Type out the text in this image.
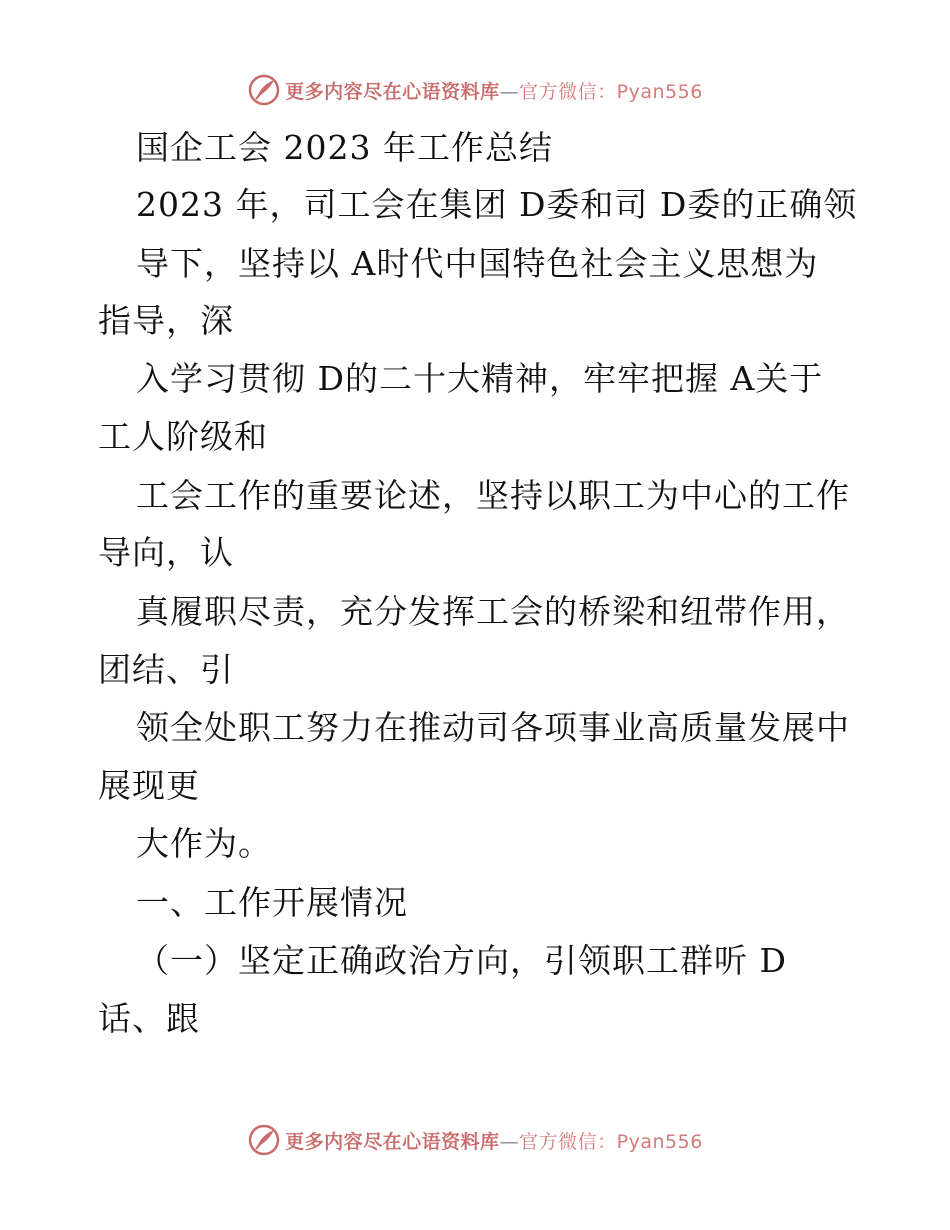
更多内容尽在心语资料库—官方微信：Pyan556
国企工会 2023 年工作总结
2023 年，司工会在集团 D委和司 D委的正确领
导下，坚持以 A时代中国特色社会主义思想为
指导，深
入学习贯彻 D的二十大精神，牢牢把握 A关于
工人阶级和
工会工作的重要论述，坚持以职工为中心的工作
导向，认
真履职尽责，充分发挥工会的桥梁和纽带作用，
团结、引
领全处职工努力在推动司各项事业高质量发展中
展现更
大作为。
一、工作开展情况
（一）坚定正确政治方向，引领职工群听 D
话、跟
更多内容尽在心语资料库—官方微信：Pyan556
